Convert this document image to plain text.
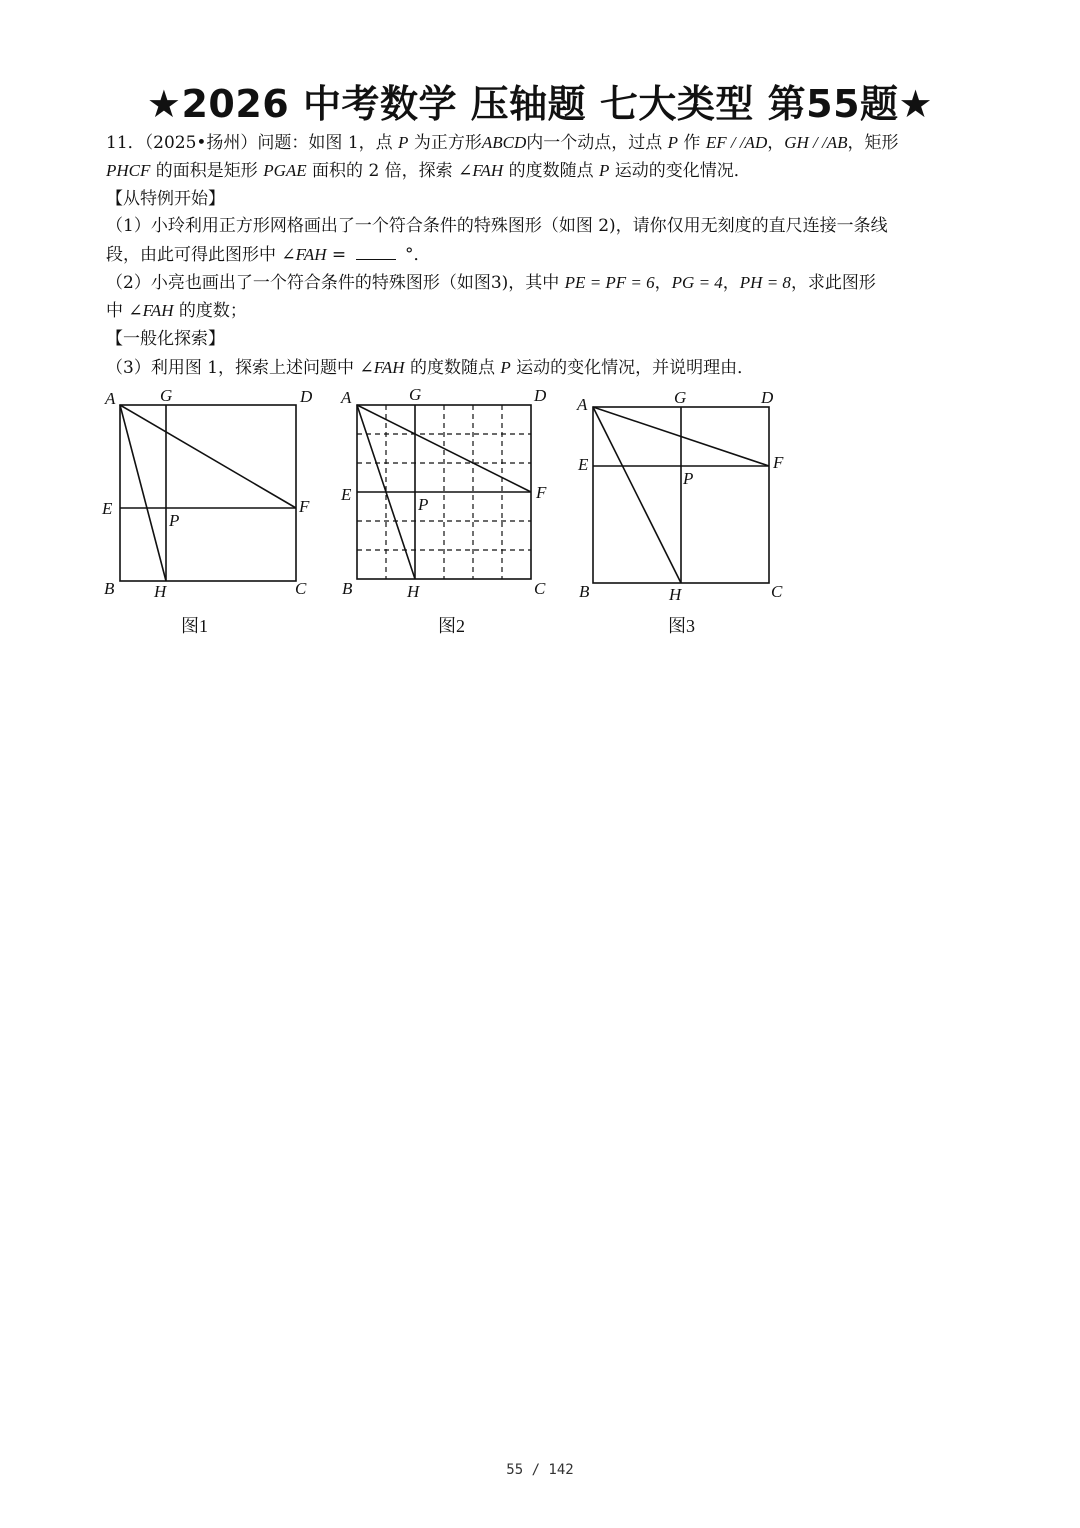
★2026 中考数学 压轴题 七大类型 第55题★
11．（2025•扬州）问题：如图 1，点 P 为正方形ABCD内一个动点，过点 P 作 EF / /AD，GH / /AB，矩形
PHCF 的面积是矩形 PGAE 面积的 2 倍，探索 ∠FAH 的度数随点 P 运动的变化情况．
【从特例开始】
（1）小玲利用正方形网格画出了一个符合条件的特殊图形（如图 2)，请你仅用无刻度的直尺连接一条线
段，由此可得此图形中 ∠FAH =	°．
（2）小亮也画出了一个符合条件的特殊图形（如图3)，其中 PE = PF = 6，PG = 4，PH = 8，求此图形
中 ∠FAH 的度数；
【一般化探索】
（3）利用图 1，探索上述问题中 ∠FAH 的度数随点 P 运动的变化情况，并说明理由．
A	G	D
E	F
P
B H	C
图1
A	G	D
E	F
P
B	H	C
图2
A	G	D
E	F
P
B	H	C
图3
55 / 142
